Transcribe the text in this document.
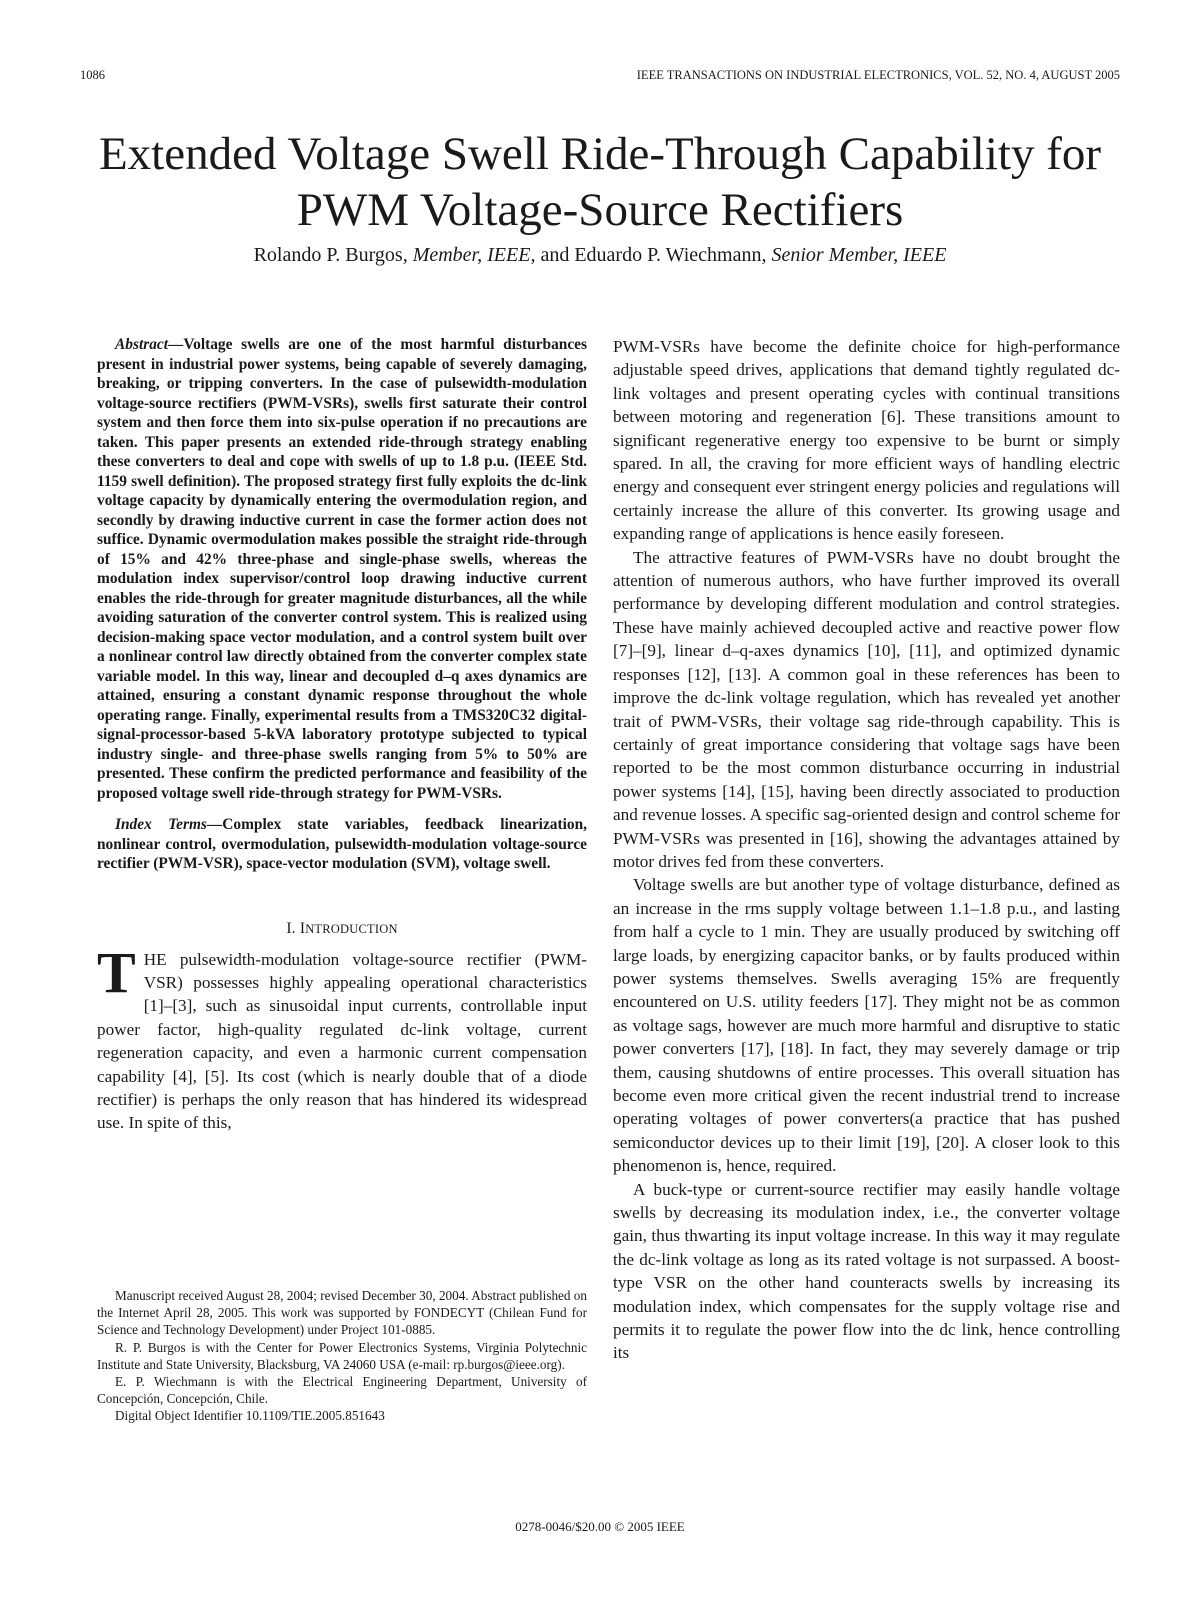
1086	IEEE TRANSACTIONS ON INDUSTRIAL ELECTRONICS, VOL. 52, NO. 4, AUGUST 2005
Extended Voltage Swell Ride-Through Capability for
PWM Voltage-Source Rectifiers
Rolando P. Burgos, Member, IEEE, and Eduardo P. Wiechmann, Senior Member, IEEE

Abstract—Voltage swells are one of the most harmful disturbances present in industrial power systems, being capable of severely damaging, breaking, or tripping converters. In the case of pulsewidth-modulation voltage-source rectifiers (PWM-VSRs), swells first saturate their control system and then force them into six-pulse operation if no precautions are taken. This paper presents an extended ride-through strategy enabling these converters to deal and cope with swells of up to 1.8 p.u. (IEEE Std. 1159 swell definition). The proposed strategy first fully exploits the dc-link voltage capacity by dynamically entering the overmodulation region, and secondly by drawing inductive current in case the former action does not suffice. Dynamic overmodulation makes possible the straight ride-through of 15% and 42% three-phase and single-phase swells, whereas the modulation index supervisor/control loop drawing inductive current enables the ride-through for greater magnitude disturbances, all the while avoiding saturation of the converter control system. This is realized using decision-making space vector modulation, and a control system built over a nonlinear control law directly obtained from the converter complex state variable model. In this way, linear and decoupled d–q axes dynamics are attained, ensuring a constant dynamic response throughout the whole operating range. Finally, experimental results from a TMS320C32 digital-signal-processor-based 5-kVA laboratory prototype subjected to typical industry single- and three-phase swells ranging from 5% to 50% are presented. These confirm the predicted performance and feasibility of the proposed voltage swell ride-through strategy for PWM-VSRs.

Index Terms—Complex state variables, feedback linearization, nonlinear control, overmodulation, pulsewidth-modulation voltage-source rectifier (PWM-VSR), space-vector modulation (SVM), voltage swell.

I. INTRODUCTION

THE pulsewidth-modulation voltage-source rectifier (PWM-VSR) possesses highly appealing operational characteristics [1]–[3], such as sinusoidal input currents, controllable input power factor, high-quality regulated dc-link voltage, current regeneration capacity, and even a harmonic current compensation capability [4], [5]. Its cost (which is nearly double that of a diode rectifier) is perhaps the only reason that has hindered its widespread use. In spite of this,

Manuscript received August 28, 2004; revised December 30, 2004. Abstract published on the Internet April 28, 2005. This work was supported by FONDECYT (Chilean Fund for Science and Technology Development) under Project 101-0885.

R. P. Burgos is with the Center for Power Electronics Systems, Virginia Polytechnic Institute and State University, Blacksburg, VA 24060 USA (e-mail: rp.burgos@ieee.org).

E. P. Wiechmann is with the Electrical Engineering Department, University of Concepción, Concepción, Chile.

Digital Object Identifier 10.1109/TIE.2005.851643

PWM-VSRs have become the definite choice for high-performance adjustable speed drives, applications that demand tightly regulated dc-link voltages and present operating cycles with continual transitions between motoring and regeneration [6]. These transitions amount to significant regenerative energy too expensive to be burnt or simply spared. In all, the craving for more efficient ways of handling electric energy and consequent ever stringent energy policies and regulations will certainly increase the allure of this converter. Its growing usage and expanding range of applications is hence easily foreseen.

The attractive features of PWM-VSRs have no doubt brought the attention of numerous authors, who have further improved its overall performance by developing different modulation and control strategies. These have mainly achieved decoupled active and reactive power flow [7]–[9], linear d–q-axes dynamics [10], [11], and optimized dynamic responses [12], [13]. A common goal in these references has been to improve the dc-link voltage regulation, which has revealed yet another trait of PWM-VSRs, their voltage sag ride-through capability. This is certainly of great importance considering that voltage sags have been reported to be the most common disturbance occurring in industrial power systems [14], [15], having been directly associated to production and revenue losses. A specific sag-oriented design and control scheme for PWM-VSRs was presented in [16], showing the advantages attained by motor drives fed from these converters.

Voltage swells are but another type of voltage disturbance, defined as an increase in the rms supply voltage between 1.1–1.8 p.u., and lasting from half a cycle to 1 min. They are usually produced by switching off large loads, by energizing capacitor banks, or by faults produced within power systems themselves. Swells averaging 15% are frequently encountered on U.S. utility feeders [17]. They might not be as common as voltage sags, however are much more harmful and disruptive to static power converters [17], [18]. In fact, they may severely damage or trip them, causing shutdowns of entire processes. This overall situation has become even more critical given the recent industrial trend to increase operating voltages of power converters(a practice that has pushed semiconductor devices up to their limit [19], [20]. A closer look to this phenomenon is, hence, required.

A buck-type or current-source rectifier may easily handle voltage swells by decreasing its modulation index, i.e., the converter voltage gain, thus thwarting its input voltage increase. In this way it may regulate the dc-link voltage as long as its rated voltage is not surpassed. A boost-type VSR on the other hand counteracts swells by increasing its modulation index, which compensates for the supply voltage rise and permits it to regulate the power flow into the dc link, hence controlling its

0278-0046/$20.00 © 2005 IEEE
